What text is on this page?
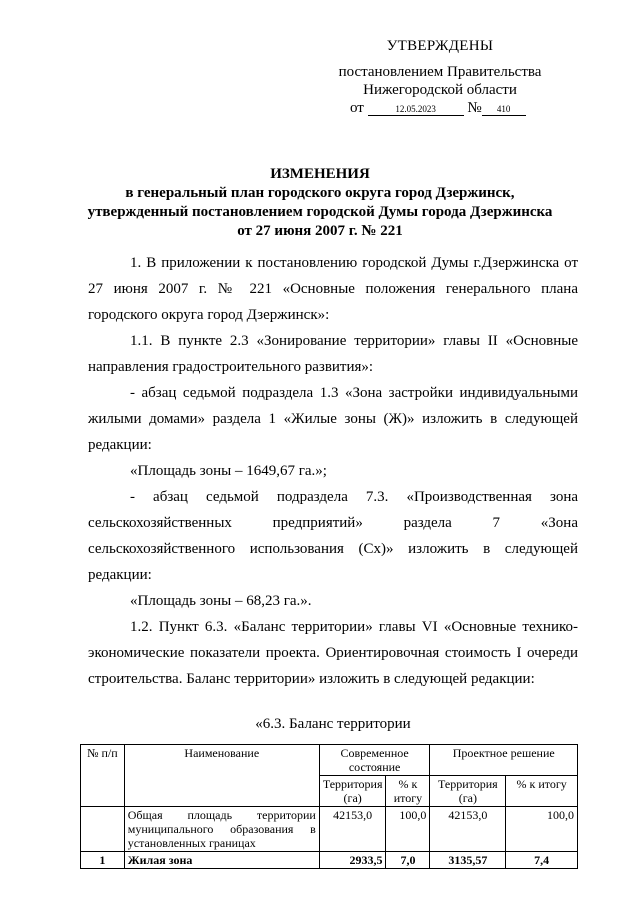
УТВЕРЖДЕНЫ
постановлением Правительства
Нижегородской области
от	12.05.2023 № 410
ИЗМЕНЕНИЯ
в генеральный план городского округа город Дзержинск,
утвержденный постановлением городской Думы города Дзержинска
от 27 июня 2007 г. № 221

1. В приложении к постановлению городской Думы г.Дзержинска от 27 июня 2007 г. № 221 «Основные положения генерального плана городского округа город Дзержинск»:

1.1. В пункте 2.3 «Зонирование территории» главы II «Основные направления градостроительного развития»:

- абзац седьмой подраздела 1.3 «Зона застройки индивидуальными жилыми домами» раздела 1 «Жилые зоны (Ж)» изложить в следующей редакции:

«Площадь зоны – 1649,67 га.»;

- абзац седьмой подраздела 7.3. «Производственная зона сельскохозяйственных предприятий» раздела 7 «Зона сельскохозяйственного использования (Сх)» изложить в следующей редакции:

«Площадь зоны – 68,23 га.».

1.2. Пункт 6.3. «Баланс территории» главы VI «Основные технико-экономические показатели проекта. Ориентировочная стоимость I очереди строительства. Баланс территории» изложить в следующей редакции:

«6.3. Баланс территории
№ п/п	Наименование	Современное состояние		Проектное решение	
		Территория (га)	% к итогу	Территория (га)	% к итогу
	Общая площадь территории муниципального образования в установленных границах	42153,0	100,0	42153,0	100,0
1	Жилая зона	2933,5	7,0	3135,57	7,4
